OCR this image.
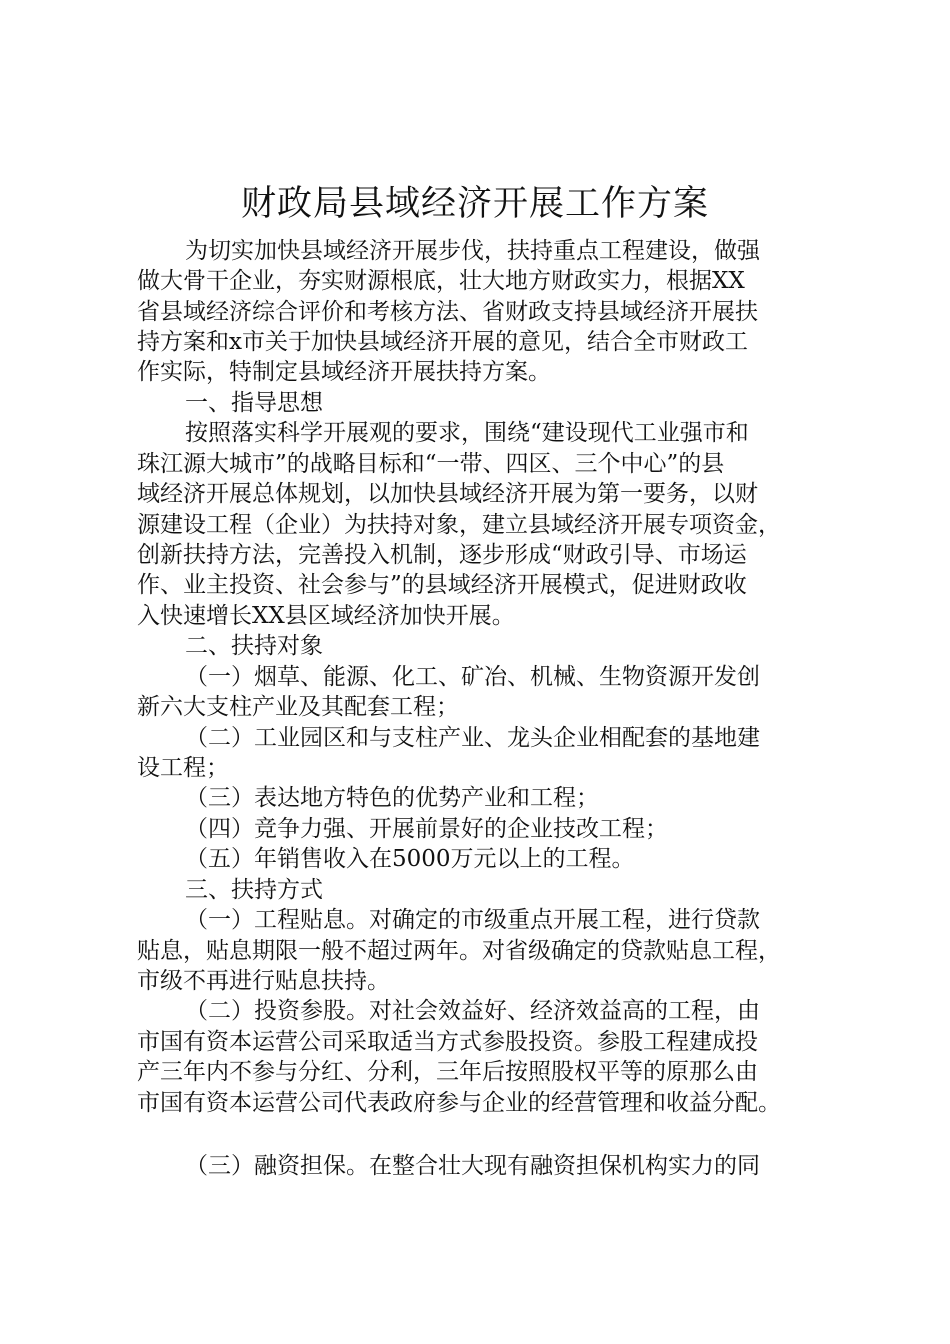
财政局县域经济开展工作方案
为切实加快县域经济开展步伐，扶持重点工程建设，做强
做大骨干企业，夯实财源根底，壮大地方财政实力，根据XX
省县域经济综合评价和考核方法、省财政支持县域经济开展扶
持方案和x市关于加快县域经济开展的意见，结合全市财政工
作实际，特制定县域经济开展扶持方案。
一、指导思想
按照落实科学开展观的要求，围绕“建设现代工业强市和
珠江源大城市”的战略目标和“一带、四区、三个中心”的县
域经济开展总体规划，以加快县域经济开展为第一要务，以财
源建设工程（企业）为扶持对象，建立县域经济开展专项资金，
创新扶持方法，完善投入机制，逐步形成“财政引导、市场运
作、业主投资、社会参与”的县域经济开展模式，促进财政收
入快速增长XX县区域经济加快开展。
二、扶持对象
（一）烟草、能源、化工、矿冶、机械、生物资源开发创
新六大支柱产业及其配套工程；
（二）工业园区和与支柱产业、龙头企业相配套的基地建
设工程；
（三）表达地方特色的优势产业和工程；
（四）竞争力强、开展前景好的企业技改工程；
（五）年销售收入在5000万元以上的工程。
三、扶持方式
（一）工程贴息。对确定的市级重点开展工程，进行贷款
贴息，贴息期限一般不超过两年。对省级确定的贷款贴息工程，
市级不再进行贴息扶持。
（二）投资参股。对社会效益好、经济效益高的工程，由
市国有资本运营公司采取适当方式参股投资。参股工程建成投
产三年内不参与分红、分利，三年后按照股权平等的原那么由
市国有资本运营公司代表政府参与企业的经营管理和收益分配。
（三）融资担保。在整合壮大现有融资担保机构实力的同
